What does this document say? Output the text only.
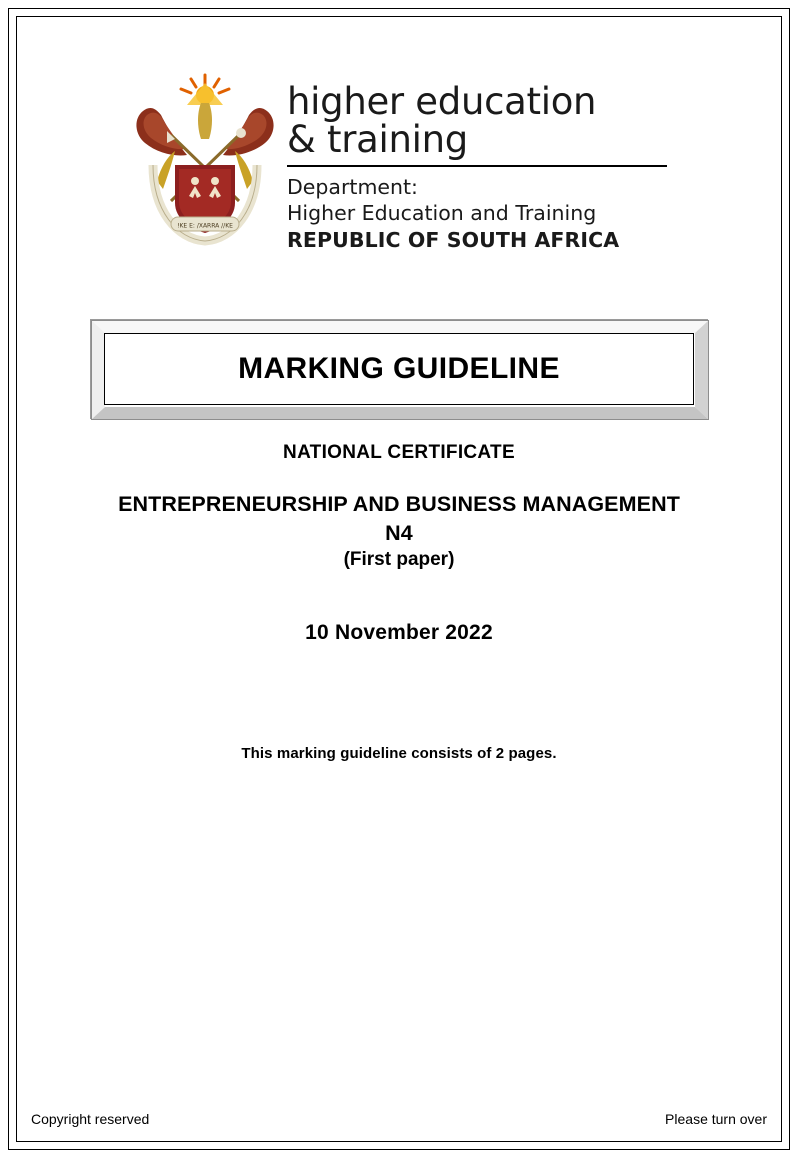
!KE E: /XARRA //KE
higher education
& training
Department:
Higher Education and Training
REPUBLIC OF SOUTH AFRICA
MARKING GUIDELINE
NATIONAL CERTIFICATE
ENTREPRENEURSHIP AND BUSINESS MANAGEMENT
N4
(First paper)
10 November 2022
This marking guideline consists of 2 pages.
Copyright reserved	Please turn over
